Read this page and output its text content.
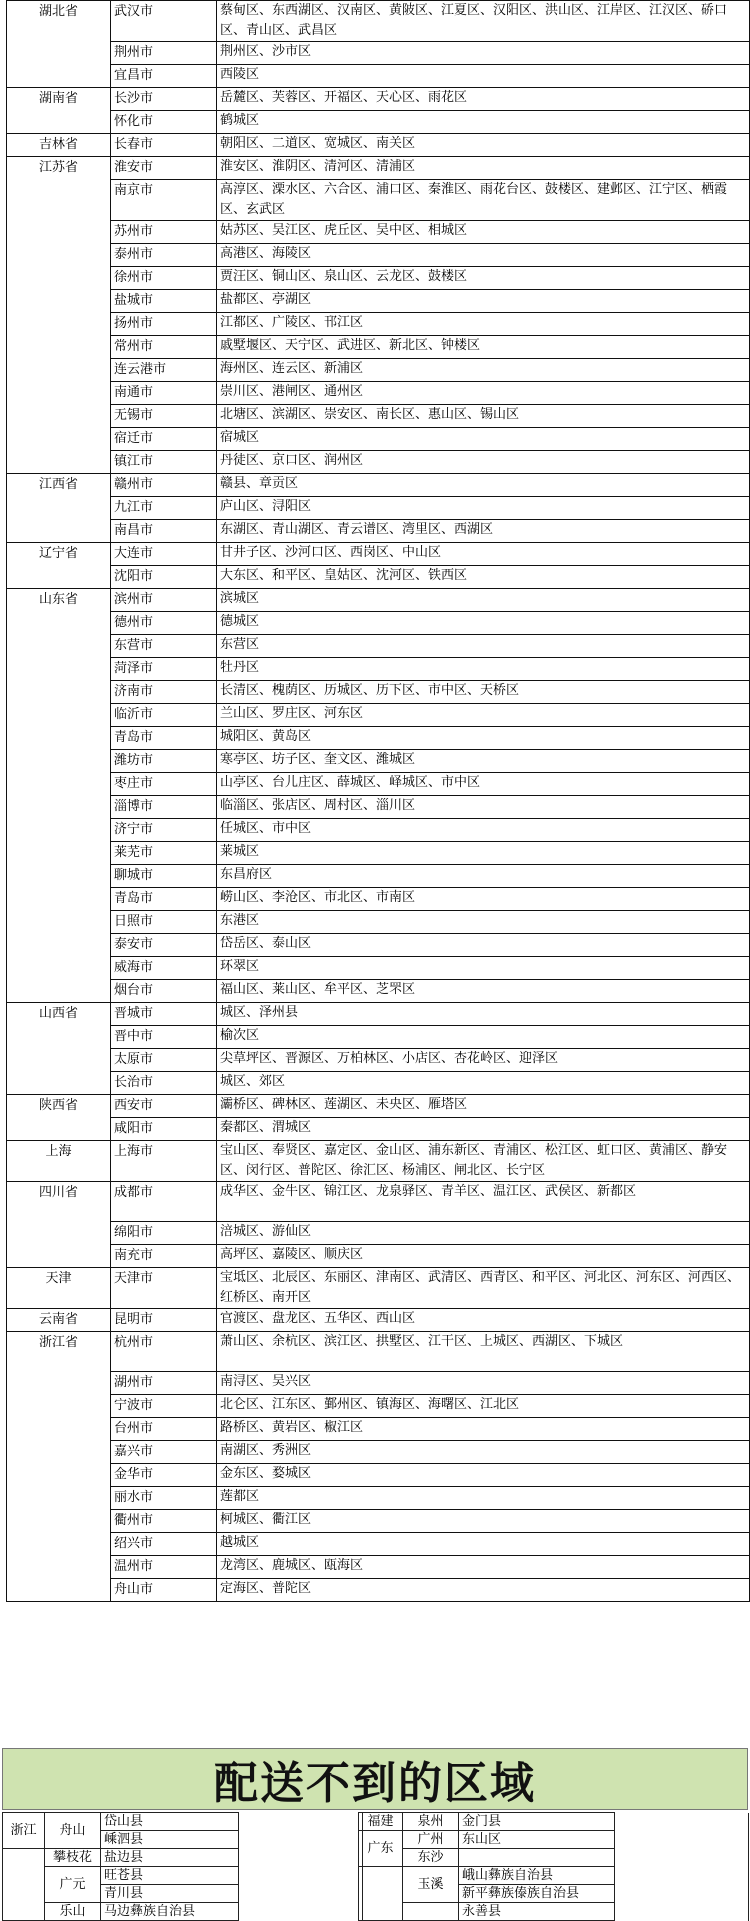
湖北省	武汉市	蔡甸区、东西湖区、汉南区、黄陂区、江夏区、汉阳区、洪山区、江岸区、江汉区、硚口区、青山区、武昌区
	荆州市	荆州区、沙市区
	宜昌市	西陵区
湖南省	长沙市	岳麓区、芙蓉区、开福区、天心区、雨花区
	怀化市	鹤城区
吉林省	长春市	朝阳区、二道区、宽城区、南关区
江苏省	淮安市	淮安区、淮阴区、清河区、清浦区
	南京市	高淳区、溧水区、六合区、浦口区、秦淮区、雨花台区、鼓楼区、建邺区、江宁区、栖霞区、玄武区
	苏州市	姑苏区、吴江区、虎丘区、吴中区、相城区
	泰州市	高港区、海陵区
	徐州市	贾汪区、铜山区、泉山区、云龙区、鼓楼区
	盐城市	盐都区、亭湖区
	扬州市	江都区、广陵区、邗江区
	常州市	戚墅堰区、天宁区、武进区、新北区、钟楼区
	连云港市	海州区、连云区、新浦区
	南通市	崇川区、港闸区、通州区
	无锡市	北塘区、滨湖区、崇安区、南长区、惠山区、锡山区
	宿迁市	宿城区
	镇江市	丹徒区、京口区、润州区
江西省	赣州市	赣县、章贡区
	九江市	庐山区、浔阳区
	南昌市	东湖区、青山湖区、青云谱区、湾里区、西湖区
辽宁省	大连市	甘井子区、沙河口区、西岗区、中山区
	沈阳市	大东区、和平区、皇姑区、沈河区、铁西区
山东省	滨州市	滨城区
	德州市	德城区
	东营市	东营区
	菏泽市	牡丹区
	济南市	长清区、槐荫区、历城区、历下区、市中区、天桥区
	临沂市	兰山区、罗庄区、河东区
	青岛市	城阳区、黄岛区
	潍坊市	寒亭区、坊子区、奎文区、潍城区
	枣庄市	山亭区、台儿庄区、薛城区、峄城区、市中区
	淄博市	临淄区、张店区、周村区、淄川区
	济宁市	任城区、市中区
	莱芜市	莱城区
	聊城市	东昌府区
	青岛市	崂山区、李沧区、市北区、市南区
	日照市	东港区
	泰安市	岱岳区、泰山区
	威海市	环翠区
	烟台市	福山区、莱山区、牟平区、芝罘区
山西省	晋城市	城区、泽州县
	晋中市	榆次区
	太原市	尖草坪区、晋源区、万柏林区、小店区、杏花岭区、迎泽区
	长治市	城区、郊区
陕西省	西安市	灞桥区、碑林区、莲湖区、未央区、雁塔区
	咸阳市	秦都区、渭城区
上海	上海市	宝山区、奉贤区、嘉定区、金山区、浦东新区、青浦区、松江区、虹口区、黄浦区、静安区、闵行区、普陀区、徐汇区、杨浦区、闸北区、长宁区
四川省	成都市	成华区、金牛区、锦江区、龙泉驿区、青羊区、温江区、武侯区、新都区
	绵阳市	涪城区、游仙区
	南充市	高坪区、嘉陵区、顺庆区
天津	天津市	宝坻区、北辰区、东丽区、津南区、武清区、西青区、和平区、河北区、河东区、河西区、红桥区、南开区
云南省	昆明市	官渡区、盘龙区、五华区、西山区
浙江省	杭州市	萧山区、余杭区、滨江区、拱墅区、江干区、上城区、西湖区、下城区
	湖州市	南浔区、吴兴区
	宁波市	北仑区、江东区、鄞州区、镇海区、海曙区、江北区
	台州市	路桥区、黄岩区、椒江区
	嘉兴市	南湖区、秀洲区
	金华市	金东区、婺城区
	丽水市	莲都区
	衢州市	柯城区、衢江区
	绍兴市	越城区
	温州市	龙湾区、鹿城区、瓯海区
	舟山市	定海区、普陀区
配送不到的区域
浙江	舟山	岱山县	
		嵊泗县	
	攀枝花	盐边县	
	广元	旺苍县	
		青川县	
	乐山	马边彝族自治县	
福建	泉州	金门县	
广东	广州	东山区	
	东沙		
	玉溪	峨山彝族自治县	
		新平彝族傣族自治县	
		永善县	
